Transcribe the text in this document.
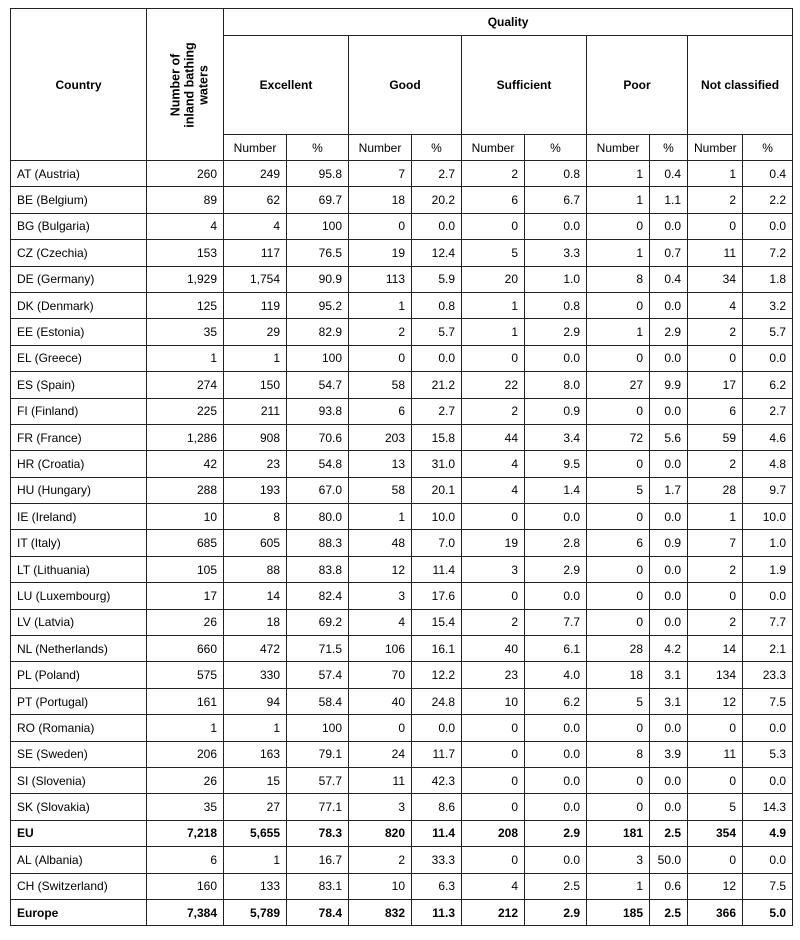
Country	Number of
inland bathing
waters	Quality									
		Excellent		Good		Sufficient		Poor		Not classified	
		Number	%	Number	%	Number	%	Number	%	Number	%
AT (Austria)	260	249	95.8	7	2.7	2	0.8	1	0.4	1	0.4
BE (Belgium)	89	62	69.7	18	20.2	6	6.7	1	1.1	2	2.2
BG (Bulgaria)	4	4	100	0	0.0	0	0.0	0	0.0	0	0.0
CZ (Czechia)	153	117	76.5	19	12.4	5	3.3	1	0.7	11	7.2
DE (Germany)	1,929	1,754	90.9	113	5.9	20	1.0	8	0.4	34	1.8
DK (Denmark)	125	119	95.2	1	0.8	1	0.8	0	0.0	4	3.2
EE (Estonia)	35	29	82.9	2	5.7	1	2.9	1	2.9	2	5.7
EL (Greece)	1	1	100	0	0.0	0	0.0	0	0.0	0	0.0
ES (Spain)	274	150	54.7	58	21.2	22	8.0	27	9.9	17	6.2
FI (Finland)	225	211	93.8	6	2.7	2	0.9	0	0.0	6	2.7
FR (France)	1,286	908	70.6	203	15.8	44	3.4	72	5.6	59	4.6
HR (Croatia)	42	23	54.8	13	31.0	4	9.5	0	0.0	2	4.8
HU (Hungary)	288	193	67.0	58	20.1	4	1.4	5	1.7	28	9.7
IE (Ireland)	10	8	80.0	1	10.0	0	0.0	0	0.0	1	10.0
IT (Italy)	685	605	88.3	48	7.0	19	2.8	6	0.9	7	1.0
LT (Lithuania)	105	88	83.8	12	11.4	3	2.9	0	0.0	2	1.9
LU (Luxembourg)	17	14	82.4	3	17.6	0	0.0	0	0.0	0	0.0
LV (Latvia)	26	18	69.2	4	15.4	2	7.7	0	0.0	2	7.7
NL (Netherlands)	660	472	71.5	106	16.1	40	6.1	28	4.2	14	2.1
PL (Poland)	575	330	57.4	70	12.2	23	4.0	18	3.1	134	23.3
PT (Portugal)	161	94	58.4	40	24.8	10	6.2	5	3.1	12	7.5
RO (Romania)	1	1	100	0	0.0	0	0.0	0	0.0	0	0.0
SE (Sweden)	206	163	79.1	24	11.7	0	0.0	8	3.9	11	5.3
SI (Slovenia)	26	15	57.7	11	42.3	0	0.0	0	0.0	0	0.0
SK (Slovakia)	35	27	77.1	3	8.6	0	0.0	0	0.0	5	14.3
EU	7,218	5,655	78.3	820	11.4	208	2.9	181	2.5	354	4.9
AL (Albania)	6	1	16.7	2	33.3	0	0.0	3	50.0	0	0.0
CH (Switzerland)	160	133	83.1	10	6.3	4	2.5	1	0.6	12	7.5
Europe	7,384	5,789	78.4	832	11.3	212	2.9	185	2.5	366	5.0
